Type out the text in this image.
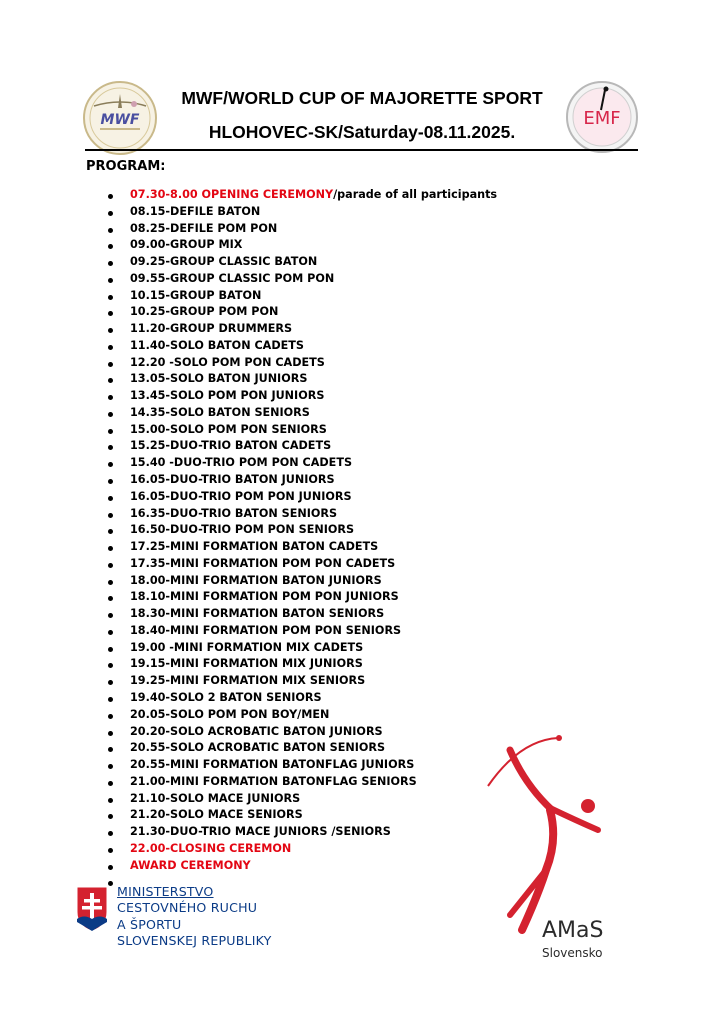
MWF
MWF/WORLD CUP OF MAJORETTE SPORT
HLOHOVEC-SK/Saturday-08.11.2025.
EMF
PROGRAM:
07.30-8.00 OPENING CEREMONY/parade of all participants
08.15-DEFILE BATON
08.25-DEFILE POM PON
09.00-GROUP MIX
09.25-GROUP CLASSIC BATON
09.55-GROUP CLASSIC POM PON
10.15-GROUP BATON
10.25-GROUP POM PON
11.20-GROUP DRUMMERS
11.40-SOLO BATON CADETS
12.20 -SOLO POM PON CADETS
13.05-SOLO BATON JUNIORS
13.45-SOLO POM PON JUNIORS
14.35-SOLO BATON SENIORS
15.00-SOLO POM PON SENIORS
15.25-DUO-TRIO BATON CADETS
15.40 -DUO-TRIO POM PON CADETS
16.05-DUO-TRIO BATON JUNIORS
16.05-DUO-TRIO POM PON JUNIORS
16.35-DUO-TRIO BATON SENIORS
16.50-DUO-TRIO POM PON SENIORS
17.25-MINI FORMATION BATON CADETS
17.35-MINI FORMATION POM PON CADETS
18.00-MINI FORMATION BATON JUNIORS
18.10-MINI FORMATION POM PON JUNIORS
18.30-MINI FORMATION BATON SENIORS
18.40-MINI FORMATION POM PON SENIORS
19.00 -MINI FORMATION MIX CADETS
19.15-MINI FORMATION MIX JUNIORS
19.25-MINI FORMATION MIX SENIORS
19.40-SOLO 2 BATON SENIORS
20.05-SOLO POM PON BOY/MEN
20.20-SOLO ACROBATIC BATON JUNIORS
20.55-SOLO ACROBATIC BATON SENIORS
20.55-MINI FORMATION BATONFLAG JUNIORS
21.00-MINI FORMATION BATONFLAG SENIORS
21.10-SOLO MACE JUNIORS
21.20-SOLO MACE SENIORS
21.30-DUO-TRIO MACE JUNIORS /SENIORS
22.00-CLOSING CEREMON
AWARD CEREMONY
AMaS
Slovensko
MINISTERSTVO
CESTOVNÉHO RUCHU
A ŠPORTU
SLOVENSKEJ REPUBLIKY
